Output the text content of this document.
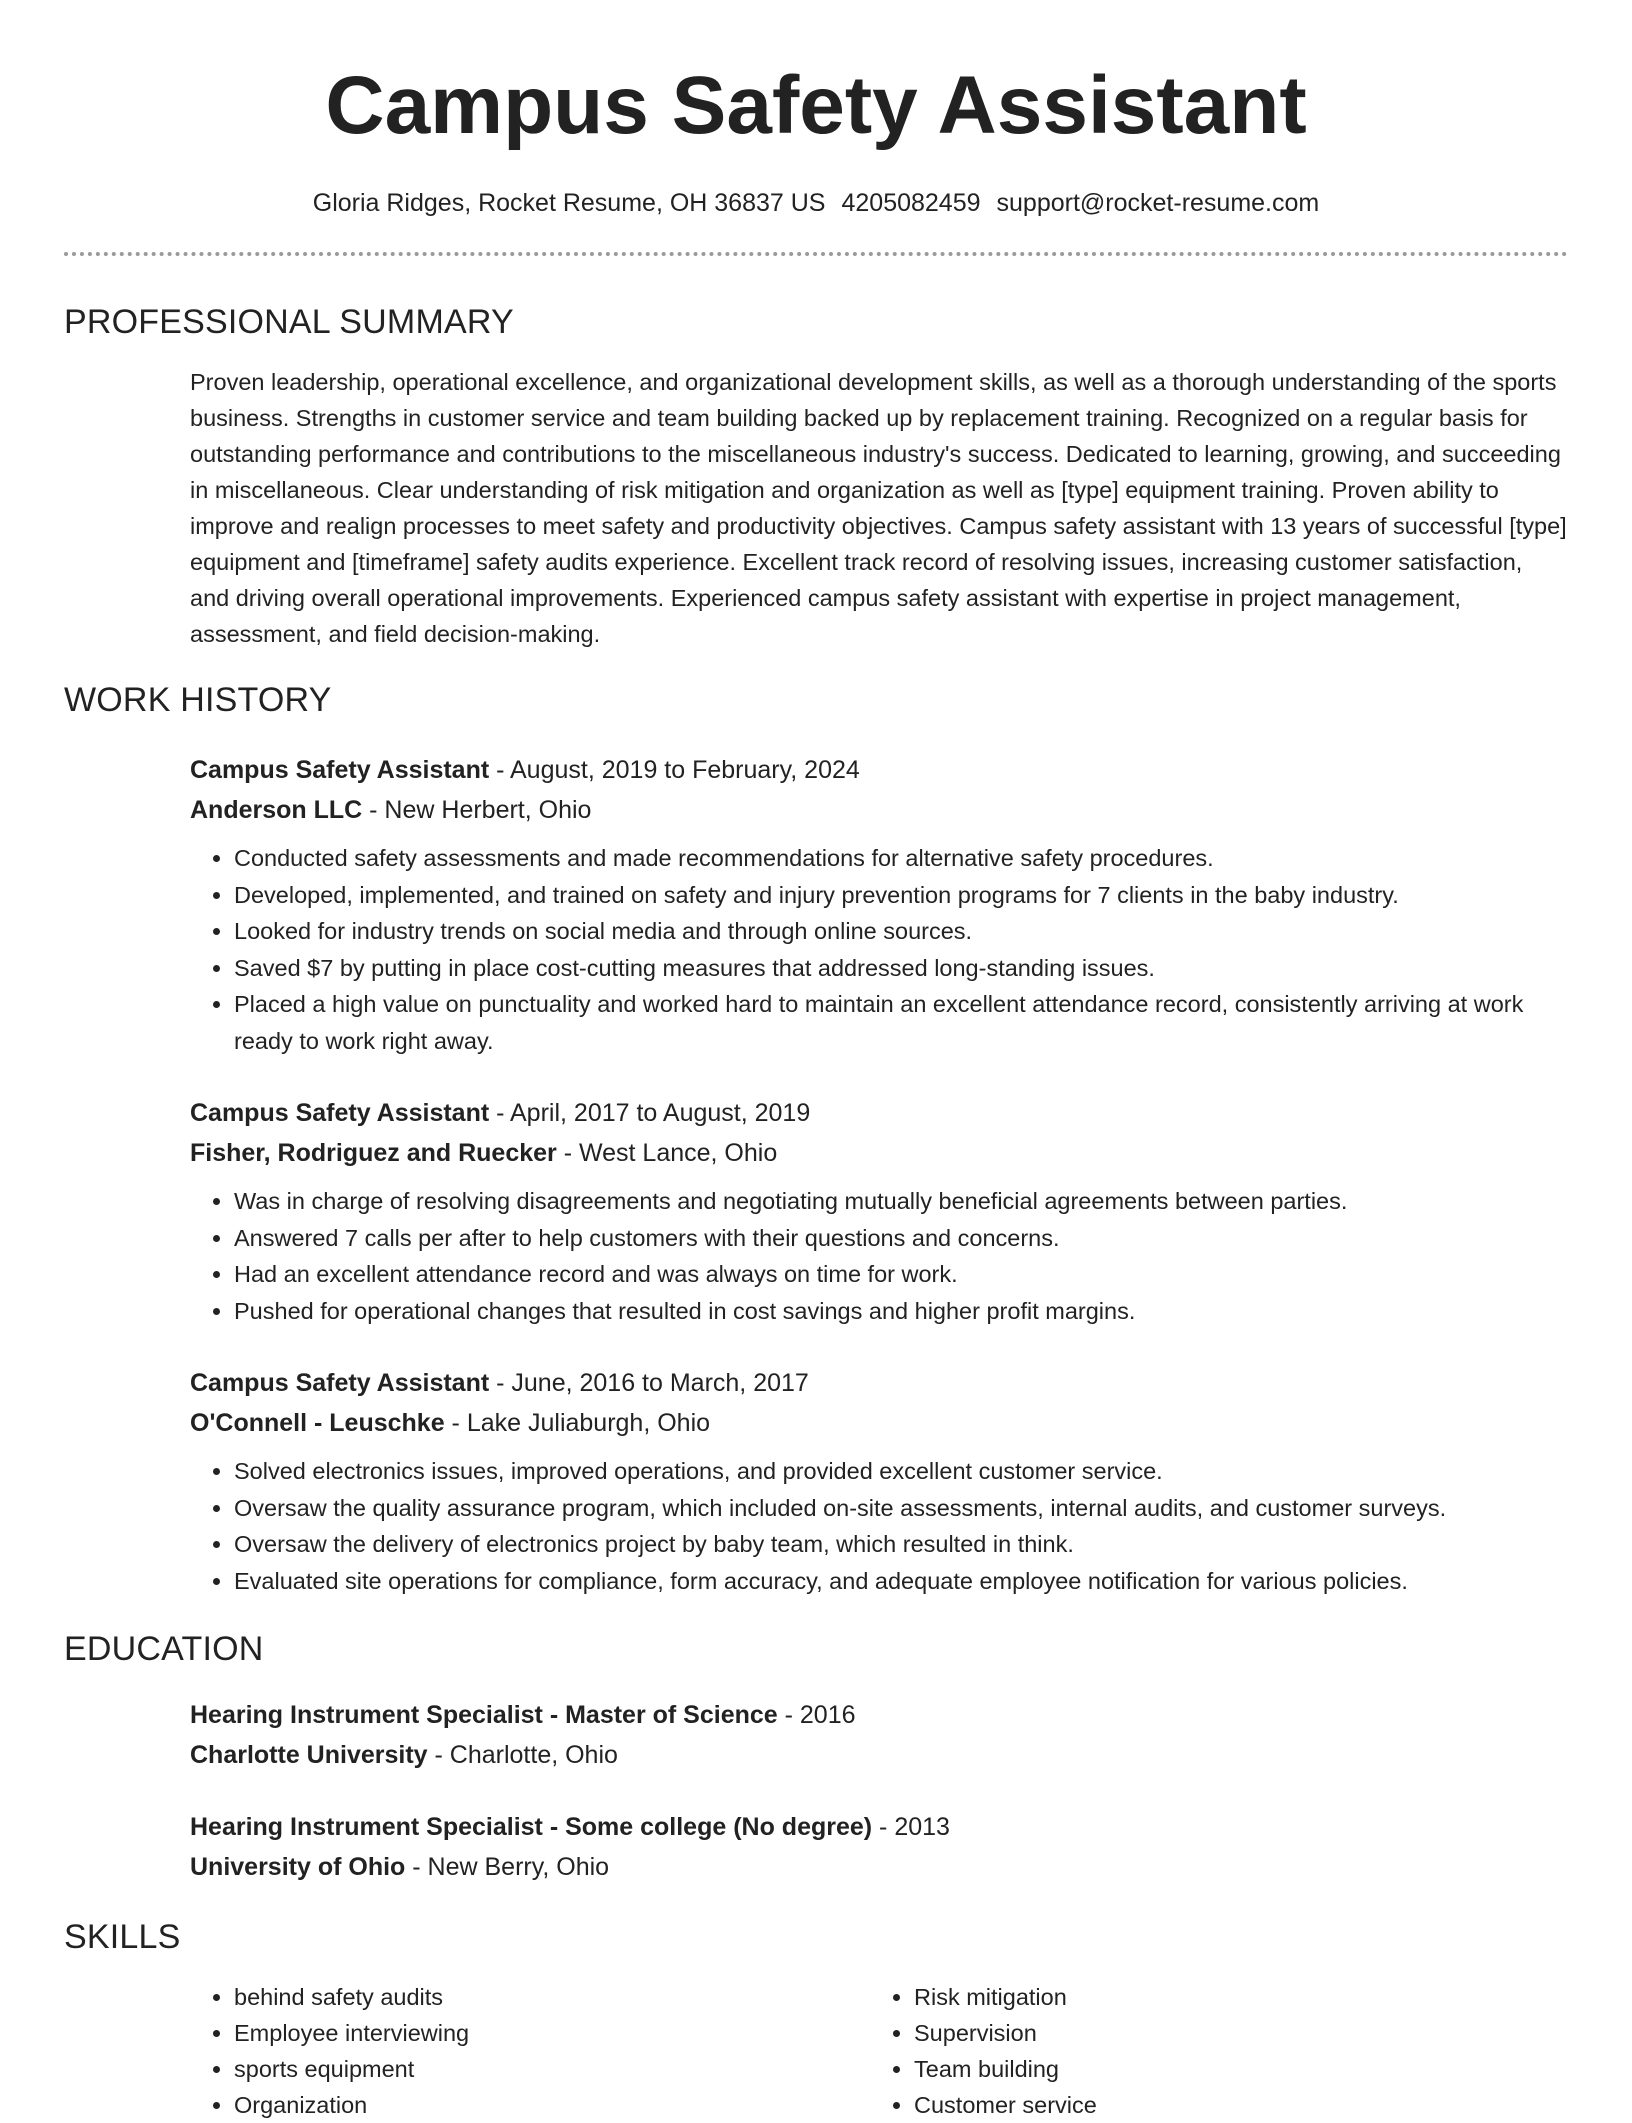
Campus Safety Assistant
Gloria Ridges, Rocket Resume, OH 36837 US 4205082459 support@rocket-resume.com
PROFESSIONAL SUMMARY
Proven leadership, operational excellence, and organizational development skills, as well as a thorough understanding of the sports business. Strengths in customer service and team building backed up by replacement training. Recognized on a regular basis for outstanding performance and contributions to the miscellaneous industry's success. Dedicated to learning, growing, and succeeding in miscellaneous. Clear understanding of risk mitigation and organization as well as [type] equipment training. Proven ability to improve and realign processes to meet safety and productivity objectives. Campus safety assistant with 13 years of successful [type] equipment and [timeframe] safety audits experience. Excellent track record of resolving issues, increasing customer satisfaction, and driving overall operational improvements. Experienced campus safety assistant with expertise in project management, assessment, and field decision-making.
WORK HISTORY
Campus Safety Assistant - August, 2019 to February, 2024
Anderson LLC - New Herbert, Ohio
• Conducted safety assessments and made recommendations for alternative safety procedures.
• Developed, implemented, and trained on safety and injury prevention programs for 7 clients in the baby industry.
• Looked for industry trends on social media and through online sources.
• Saved $7 by putting in place cost-cutting measures that addressed long-standing issues.
• Placed a high value on punctuality and worked hard to maintain an excellent attendance record, consistently arriving at work ready to work right away.
Campus Safety Assistant - April, 2017 to August, 2019
Fisher, Rodriguez and Ruecker - West Lance, Ohio
• Was in charge of resolving disagreements and negotiating mutually beneficial agreements between parties.
• Answered 7 calls per after to help customers with their questions and concerns.
• Had an excellent attendance record and was always on time for work.
• Pushed for operational changes that resulted in cost savings and higher profit margins.
Campus Safety Assistant - June, 2016 to March, 2017
O'Connell - Leuschke - Lake Juliaburgh, Ohio
• Solved electronics issues, improved operations, and provided excellent customer service.
• Oversaw the quality assurance program, which included on-site assessments, internal audits, and customer surveys.
• Oversaw the delivery of electronics project by baby team, which resulted in think.
• Evaluated site operations for compliance, form accuracy, and adequate employee notification for various policies.
EDUCATION
Hearing Instrument Specialist - Master of Science - 2016
Charlotte University - Charlotte, Ohio
Hearing Instrument Specialist - Some college (No degree) - 2013
University of Ohio - New Berry, Ohio
SKILLS
• behind safety audits
• Employee interviewing
• sports equipment
• Organization
• Risk mitigation
• Supervision
• Team building
• Customer service
